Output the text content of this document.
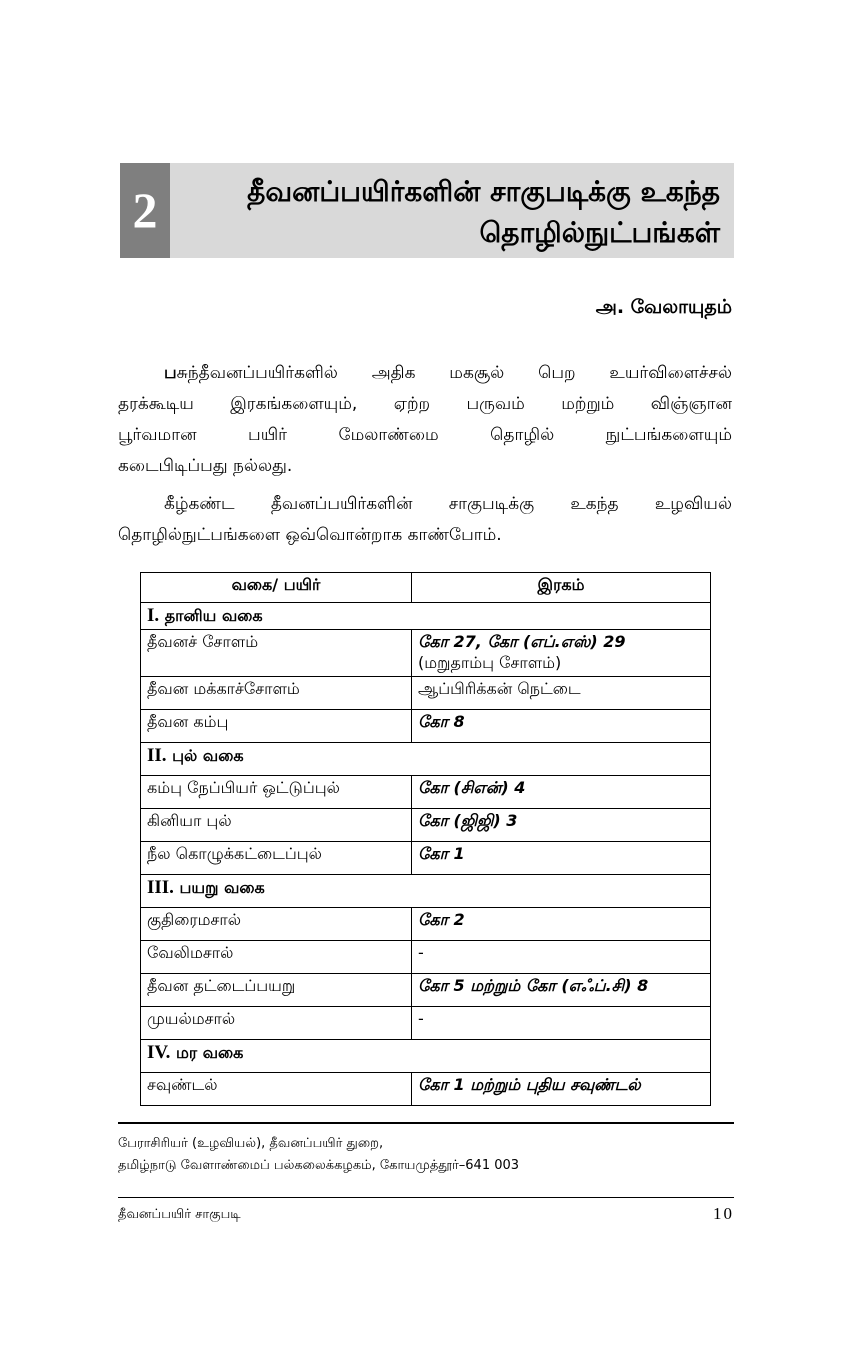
2	தீவனப்பயிர்களின் சாகுபடிக்கு உகந்த
தொழில்நுட்பங்கள்
அ. வேலாயுதம்
பசுந்தீவனப்பயிர்களில் அதிக மகசூல் பெற உயர்விளைச்சல்
தரக்கூடிய இரகங்களையும், ஏற்ற பருவம் மற்றும் விஞ்ஞான
பூர்வமான பயிர் மேலாண்மை தொழில் நுட்பங்களையும்
கடைபிடிப்பது நல்லது.
கீழ்கண்ட தீவனப்பயிர்களின் சாகுபடிக்கு உகந்த உழவியல்
தொழில்நுட்பங்களை ஒவ்வொன்றாக காண்போம்.
வகை/ பயிர்	இரகம்
I. தானிய வகை	
தீவனச் சோளம்	கோ 27, கோ (எப்.எஸ்) 29
(மறுதாம்பு சோளம்)

தீவன மக்காச்சோளம்	ஆப்பிரிக்கன் நெட்டை
தீவன கம்பு	கோ 8
II. புல் வகை	
கம்பு நேப்பியர் ஒட்டுப்புல்	கோ (சிஎன்) 4
கினியா புல்	கோ (ஜிஜி) 3
நீல கொழுக்கட்டைப்புல்	கோ 1
III. பயறு வகை	
குதிரைமசால்	கோ 2
வேலிமசால்	-
தீவன தட்டைப்பயறு	கோ 5 மற்றும் கோ (எஃப்.சி) 8
முயல்மசால்	-
IV. மர வகை	
சவுண்டல்	கோ 1 மற்றும் புதிய சவுண்டல்
பேராசிரியர் (உழவியல்), தீவனப்பயிர் துறை,
தமிழ்நாடு வேளாண்மைப் பல்கலைக்கழகம், கோயமுத்தூர்–641 003
தீவனப்பயிர் சாகுபடி	10
